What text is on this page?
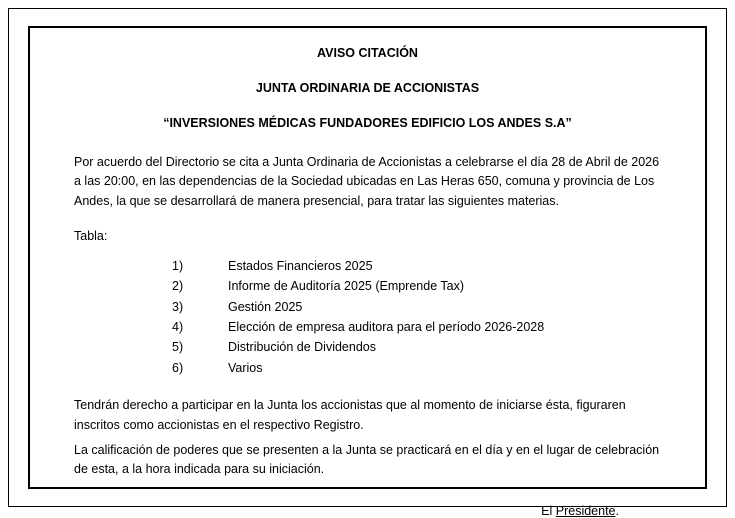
AVISO CITACIÓN
JUNTA ORDINARIA DE ACCIONISTAS
“INVERSIONES MÉDICAS FUNDADORES EDIFICIO LOS ANDES S.A”

Por acuerdo del Directorio se cita a Junta Ordinaria de Accionistas a celebrarse el día 28 de Abril de 2026 a las 20:00, en las dependencias de la Sociedad ubicadas en Las Heras 650, comuna y provincia de Los Andes, la que se desarrollará de manera presencial, para tratar las siguientes materias.

Tabla:

1)	Estados Financieros 2025
2)	Informe de Auditoría 2025 (Emprende Tax)
3)	Gestión 2025
4)	Elección de empresa auditora para el período 2026-2028
5)	Distribución de Dividendos
6)	Varios

Tendrán derecho a participar en la Junta los accionistas que al momento de iniciarse ésta, figuraren inscritos como accionistas en el respectivo Registro.

La calificación de poderes que se presenten a la Junta se practicará en el día y en el lugar de celebración de esta, a la hora indicada para su iniciación.

El Presidente.
